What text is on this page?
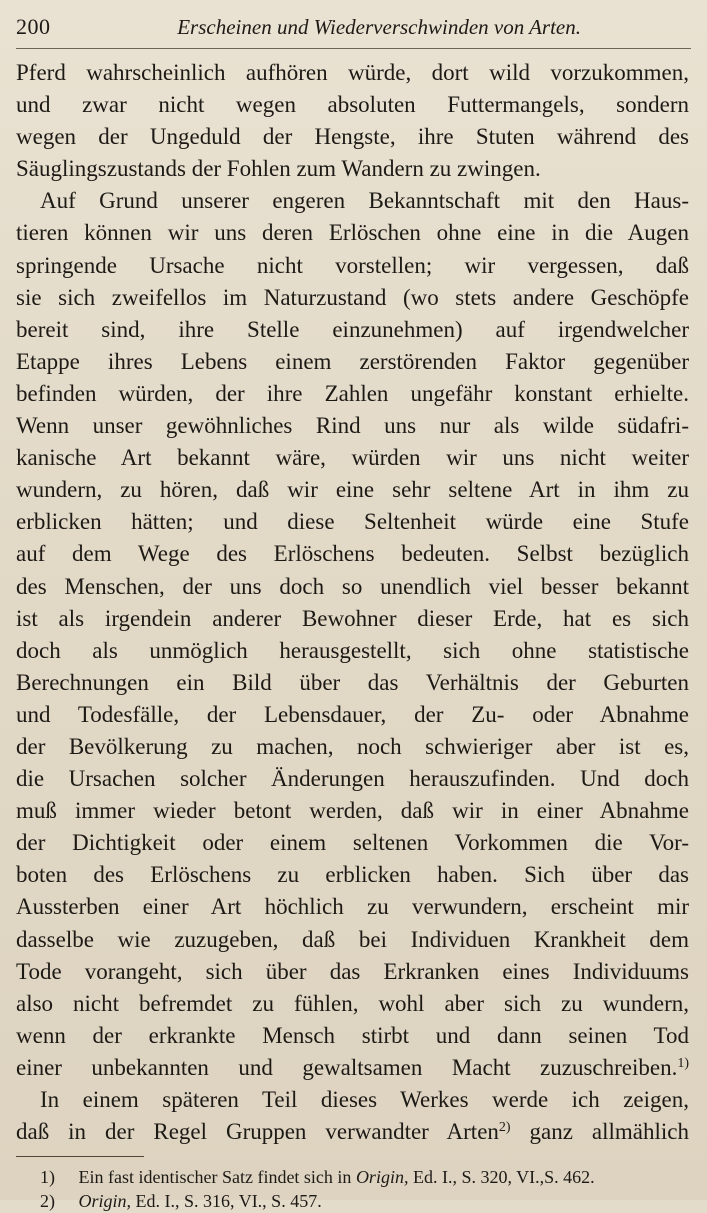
200	Erscheinen und Wiederverschwinden von Arten.
Pferd wahrscheinlich aufhören würde, dort wild vorzukommen,
und zwar nicht wegen absoluten Futtermangels, sondern
wegen der Ungeduld der Hengste, ihre Stuten während des
Säuglingszustands der Fohlen zum Wandern zu zwingen.
Auf Grund unserer engeren Bekanntschaft mit den Haus-
tieren können wir uns deren Erlöschen ohne eine in die Augen
springende Ursache nicht vorstellen; wir vergessen, daß
sie sich zweifellos im Naturzustand (wo stets andere Geschöpfe
bereit sind, ihre Stelle einzunehmen) auf irgendwelcher
Etappe ihres Lebens einem zerstörenden Faktor gegenüber
befinden würden, der ihre Zahlen ungefähr konstant erhielte.
Wenn unser gewöhnliches Rind uns nur als wilde südafri-
kanische Art bekannt wäre, würden wir uns nicht weiter
wundern, zu hören, daß wir eine sehr seltene Art in ihm zu
erblicken hätten; und diese Seltenheit würde eine Stufe
auf dem Wege des Erlöschens bedeuten. Selbst bezüglich
des Menschen, der uns doch so unendlich viel besser bekannt
ist als irgendein anderer Bewohner dieser Erde, hat es sich
doch als unmöglich herausgestellt, sich ohne statistische
Berechnungen ein Bild über das Verhältnis der Geburten
und Todesfälle, der Lebensdauer, der Zu- oder Abnahme
der Bevölkerung zu machen, noch schwieriger aber ist es,
die Ursachen solcher Änderungen herauszufinden. Und doch
muß immer wieder betont werden, daß wir in einer Abnahme
der Dichtigkeit oder einem seltenen Vorkommen die Vor-
boten des Erlöschens zu erblicken haben. Sich über das
Aussterben einer Art höchlich zu verwundern, erscheint mir
dasselbe wie zuzugeben, daß bei Individuen Krankheit dem
Tode vorangeht, sich über das Erkranken eines Individuums
also nicht befremdet zu fühlen, wohl aber sich zu wundern,
wenn der erkrankte Mensch stirbt und dann seinen Tod
einer unbekannten und gewaltsamen Macht zuzuschreiben.$^{1)}$
In einem späteren Teil dieses Werkes werde ich zeigen,
daß in der Regel Gruppen verwandter Arten$^{2)}$ ganz allmählich
1) Ein fast identischer Satz findet sich in Origin, Ed. I., S. 320, VI.,S. 462.
2) Origin, Ed. I., S. 316, VI., S. 457.
